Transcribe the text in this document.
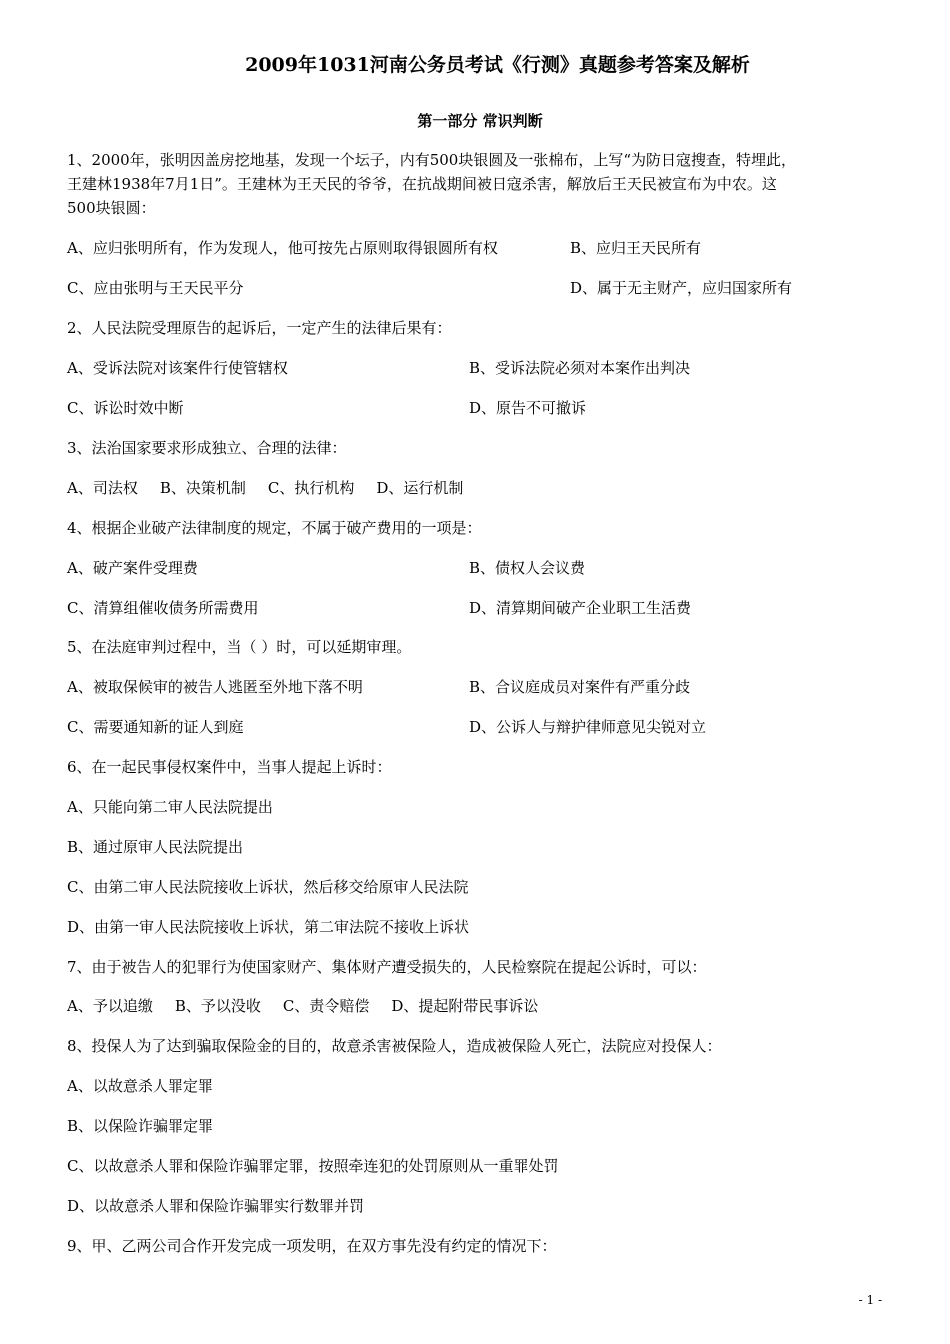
2009年1031河南公务员考试《行测》真题参考答案及解析
第一部分 常识判断
1、2000年，张明因盖房挖地基，发现一个坛子，内有500块银圆及一张棉布，上写“为防日寇搜查，特埋此，
王建林1938年7月1日”。王建林为王天民的爷爷，在抗战期间被日寇杀害，解放后王天民被宣布为中农。这
500块银圆：
A、应归张明所有，作为发现人，他可按先占原则取得银圆所有权	B、应归王天民所有
C、应由张明与王天民平分	D、属于无主财产，应归国家所有
2、人民法院受理原告的起诉后，一定产生的法律后果有：
A、受诉法院对该案件行使管辖权	B、受诉法院必须对本案作出判决
C、诉讼时效中断	D、原告不可撤诉
3、法治国家要求形成独立、合理的法律：
A、司法权 B、决策机制 C、执行机构 D、运行机制
4、根据企业破产法律制度的规定，不属于破产费用的一项是：
A、破产案件受理费	B、债权人会议费
C、清算组催收债务所需费用	D、清算期间破产企业职工生活费
5、在法庭审判过程中，当（ ）时，可以延期审理。
A、被取保候审的被告人逃匿至外地下落不明	B、合议庭成员对案件有严重分歧
C、需要通知新的证人到庭	D、公诉人与辩护律师意见尖锐对立
6、在一起民事侵权案件中，当事人提起上诉时：
A、只能向第二审人民法院提出
B、通过原审人民法院提出
C、由第二审人民法院接收上诉状，然后移交给原审人民法院
D、由第一审人民法院接收上诉状，第二审法院不接收上诉状
7、由于被告人的犯罪行为使国家财产、集体财产遭受损失的，人民检察院在提起公诉时，可以：
A、予以追缴 B、予以没收 C、责令赔偿 D、提起附带民事诉讼
8、投保人为了达到骗取保险金的目的，故意杀害被保险人，造成被保险人死亡，法院应对投保人：
A、以故意杀人罪定罪
B、以保险诈骗罪定罪
C、以故意杀人罪和保险诈骗罪定罪，按照牵连犯的处罚原则从一重罪处罚
D、以故意杀人罪和保险诈骗罪实行数罪并罚
9、甲、乙两公司合作开发完成一项发明，在双方事先没有约定的情况下：
- 1 -
